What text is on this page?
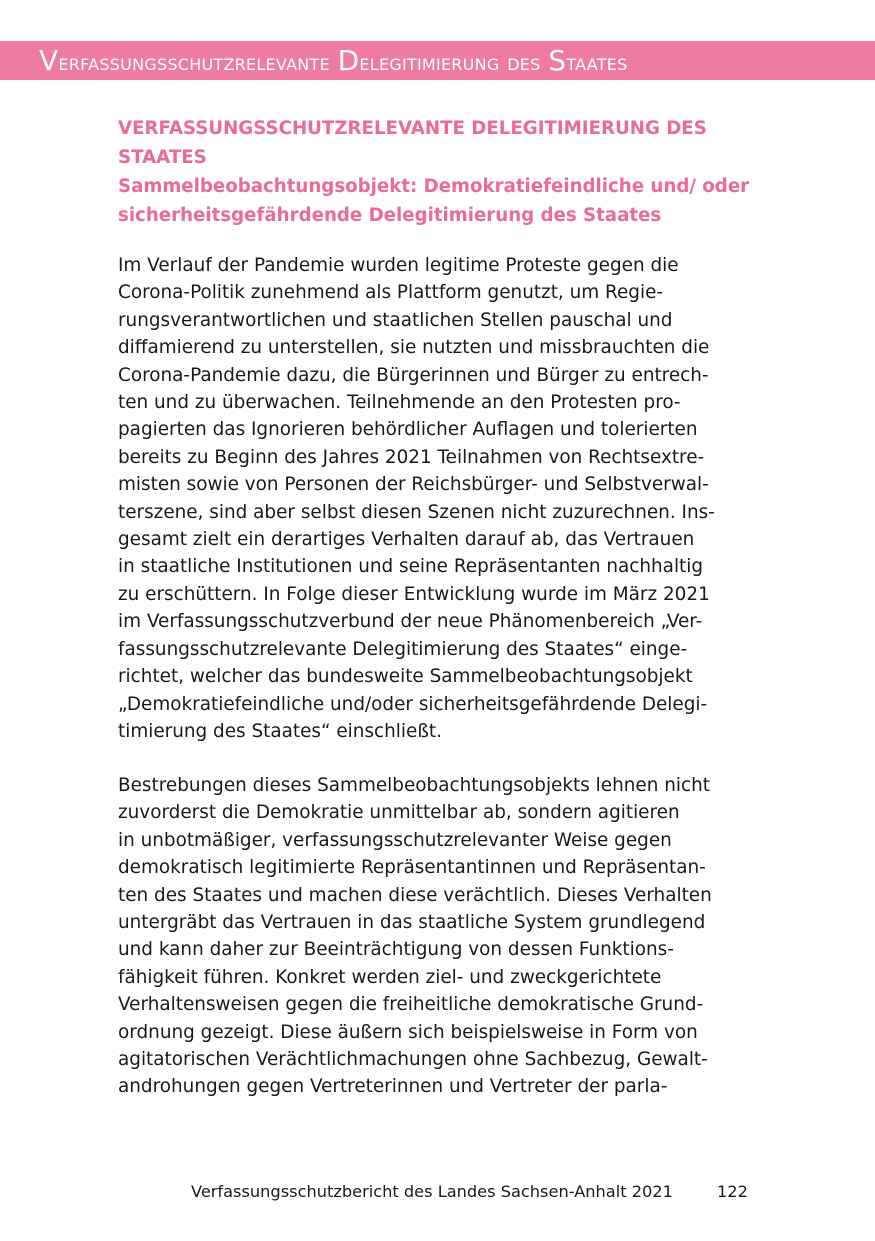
Verfassungsschutzrelevante Delegitimierung des Staates
VERFASSUNGSSCHUTZRELEVANTE DELEGITIMIERUNG DES
STAATES
Sammelbeobachtungsobjekt: Demokratiefeindliche und/ oder
sicherheitsgefährdende Delegitimierung des Staates
Im Verlauf der Pandemie wurden legitime Proteste gegen die
Corona-Politik zunehmend als Plattform genutzt, um Regie-
rungsverantwortlichen und staatlichen Stellen pauschal und
diffamierend zu unterstellen, sie nutzten und missbrauchten die
Corona-Pandemie dazu, die Bürgerinnen und Bürger zu entrech-
ten und zu überwachen. Teilnehmende an den Protesten pro-
pagierten das Ignorieren behördlicher Auflagen und tolerierten
bereits zu Beginn des Jahres 2021 Teilnahmen von Rechtsextre-
misten sowie von Personen der Reichsbürger- und Selbstverwal-
terszene, sind aber selbst diesen Szenen nicht zuzurechnen. Ins-
gesamt zielt ein derartiges Verhalten darauf ab, das Vertrauen
in staatliche Institutionen und seine Repräsentanten nachhaltig
zu erschüttern. In Folge dieser Entwicklung wurde im März 2021
im Verfassungsschutzverbund der neue Phänomenbereich „Ver-
fassungsschutzrelevante Delegitimierung des Staates“ einge-
richtet, welcher das bundesweite Sammelbeobachtungsobjekt
„Demokratiefeindliche und/oder sicherheitsgefährdende Delegi-
timierung des Staates“ einschließt.
Bestrebungen dieses Sammelbeobachtungsobjekts lehnen nicht
zuvorderst die Demokratie unmittelbar ab, sondern agitieren
in unbotmäßiger, verfassungsschutzrelevanter Weise gegen
demokratisch legitimierte Repräsentantinnen und Repräsentan-
ten des Staates und machen diese verächtlich. Dieses Verhalten
untergräbt das Vertrauen in das staatliche System grundlegend
und kann daher zur Beeinträchtigung von dessen Funktions-
fähigkeit führen. Konkret werden ziel- und zweckgerichtete
Verhaltensweisen gegen die freiheitliche demokratische Grund-
ordnung gezeigt. Diese äußern sich beispielsweise in Form von
agitatorischen Verächtlichmachungen ohne Sachbezug, Gewalt-
androhungen gegen Vertreterinnen und Vertreter der parla-
Verfassungsschutzbericht des Landes Sachsen-Anhalt 2021	122
